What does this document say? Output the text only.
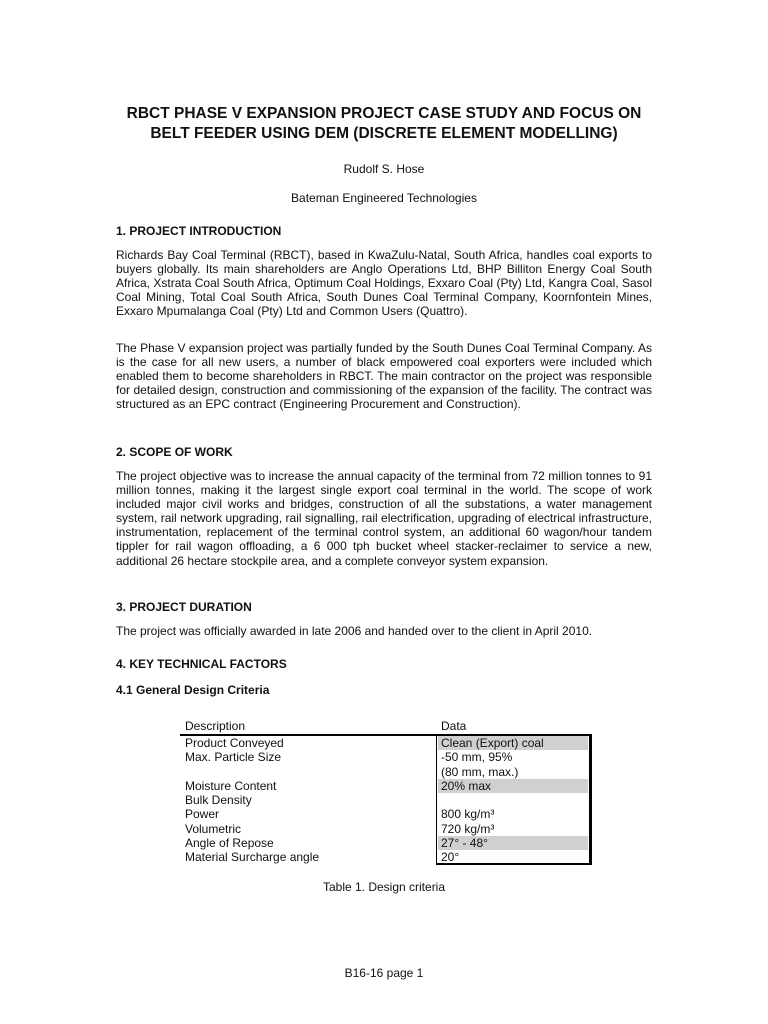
RBCT PHASE V EXPANSION PROJECT CASE STUDY AND FOCUS ON
BELT FEEDER USING DEM (DISCRETE ELEMENT MODELLING)

Rudolf S. Hose

Bateman Engineered Technologies

1. PROJECT INTRODUCTION

Richards Bay Coal Terminal (RBCT), based in KwaZulu-Natal, South Africa, handles coal exports to buyers globally. Its main shareholders are Anglo Operations Ltd, BHP Billiton Energy Coal South Africa, Xstrata Coal South Africa, Optimum Coal Holdings, Exxaro Coal (Pty) Ltd, Kangra Coal, Sasol Coal Mining, Total Coal South Africa, South Dunes Coal Terminal Company, Koornfontein Mines, Exxaro Mpumalanga Coal (Pty) Ltd and Common Users (Quattro).

The Phase V expansion project was partially funded by the South Dunes Coal Terminal Company. As is the case for all new users, a number of black empowered coal exporters were included which enabled them to become shareholders in RBCT. The main contractor on the project was responsible for detailed design, construction and commissioning of the expansion of the facility. The contract was structured as an EPC contract (Engineering Procurement and Construction).

2. SCOPE OF WORK

The project objective was to increase the annual capacity of the terminal from 72 million tonnes to 91 million tonnes, making it the largest single export coal terminal in the world. The scope of work included major civil works and bridges, construction of all the substations, a water management system, rail network upgrading, rail signalling, rail electrification, upgrading of electrical infrastructure, instrumentation, replacement of the terminal control system, an additional 60 wagon/hour tandem tippler for rail wagon offloading, a 6 000 tph bucket wheel stacker-reclaimer to service a new, additional 26 hectare stockpile area, and a complete conveyor system expansion.

3. PROJECT DURATION

The project was officially awarded in late 2006 and handed over to the client in April 2010.

4. KEY TECHNICAL FACTORS
4.1 General Design Criteria
Description	Data
Product Conveyed	Clean (Export) coal
Max. Particle Size	-50 mm, 95%
(80 mm, max.)
Moisture Content	20% max
Bulk Density
Power	800 kg/m³
Volumetric	720 kg/m³
Angle of Repose	27° - 48°
Material Surcharge angle	20°

Table 1. Design criteria

B16-16 page 1
